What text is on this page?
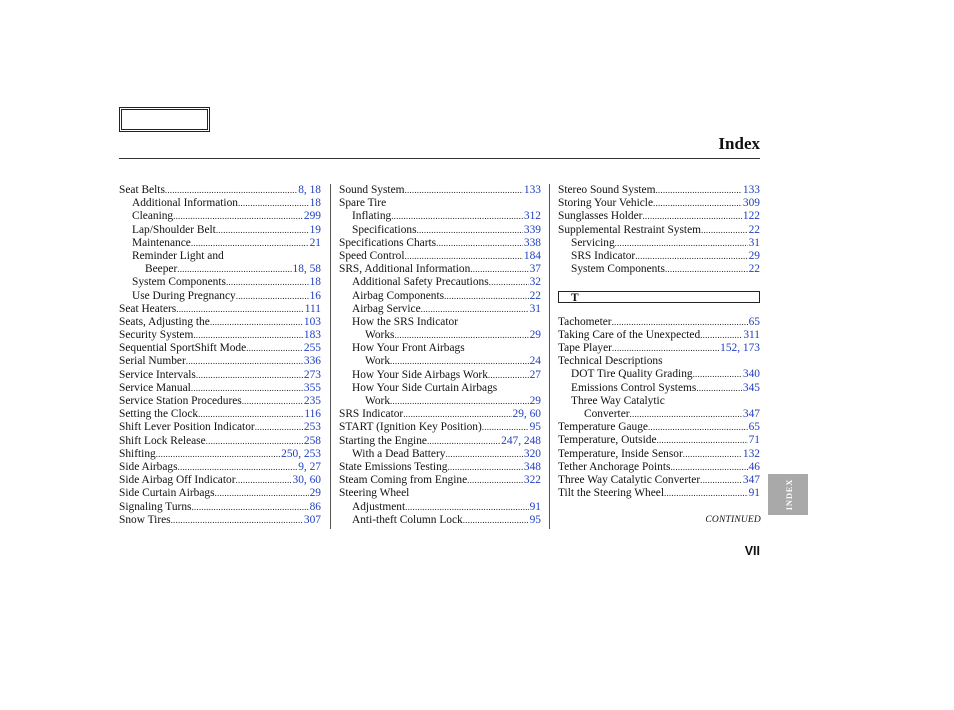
Index
Seat Belts .....	8, 18
Additional Information .....	18
Cleaning .....	299
Lap/Shoulder Belt .....	19
Maintenance .....	21
Reminder Light and
Beeper .....	18, 58
System Components .....	18
Use During Pregnancy .....	16
Seat Heaters .....	111
Seats, Adjusting the .....	103
Security System .....	183
Sequential SportShift Mode .....	255
Serial Number .....	336
Service Intervals .....	273
Service Manual .....	355
Service Station Procedures .....	235
Setting the Clock .....	116
Shift Lever Position Indicator .....	253
Shift Lock Release .....	258
Shifting .....	250, 253
Side Airbags .....	9, 27
Side Airbag Off Indicator .....	30, 60
Side Curtain Airbags .....	29
Signaling Turns .....	86
Snow Tires .....	307
Sound System .....	133
Spare Tire
Inflating .....	312
Specifications .....	339
Specifications Charts .....	338
Speed Control .....	184
SRS, Additional Information .....	37
Additional Safety Precautions .....	32
Airbag Components .....	22
Airbag Service .....	31
How the SRS Indicator
Works .....	29
How Your Front Airbags
Work .....	24
How Your Side Airbags Work .....	27
How Your Side Curtain Airbags
Work .....	29
SRS Indicator .....	29, 60
START (Ignition Key Position) .....	95
Starting the Engine .....	247, 248
With a Dead Battery .....	320
State Emissions Testing .....	348
Steam Coming from Engine .....	322
Steering Wheel
Adjustment .....	91
Anti-theft Column Lock .....	95
Stereo Sound System .....	133
Storing Your Vehicle .....	309
Sunglasses Holder .....	122
Supplemental Restraint System .....	22
Servicing .....	31
SRS Indicator .....	29
System Components .....	22
T
Tachometer .....	65
Taking Care of the Unexpected .....	311
Tape Player .....	152, 173
Technical Descriptions
DOT Tire Quality Grading .....	340
Emissions Control Systems .....	345
Three Way Catalytic
Converter .....	347
Temperature Gauge .....	65
Temperature, Outside .....	71
Temperature, Inside Sensor .....	132
Tether Anchorage Points .....	46
Three Way Catalytic Converter .....	347
Tilt the Steering Wheel .....	91
CONTINUED
VII
INDEX
